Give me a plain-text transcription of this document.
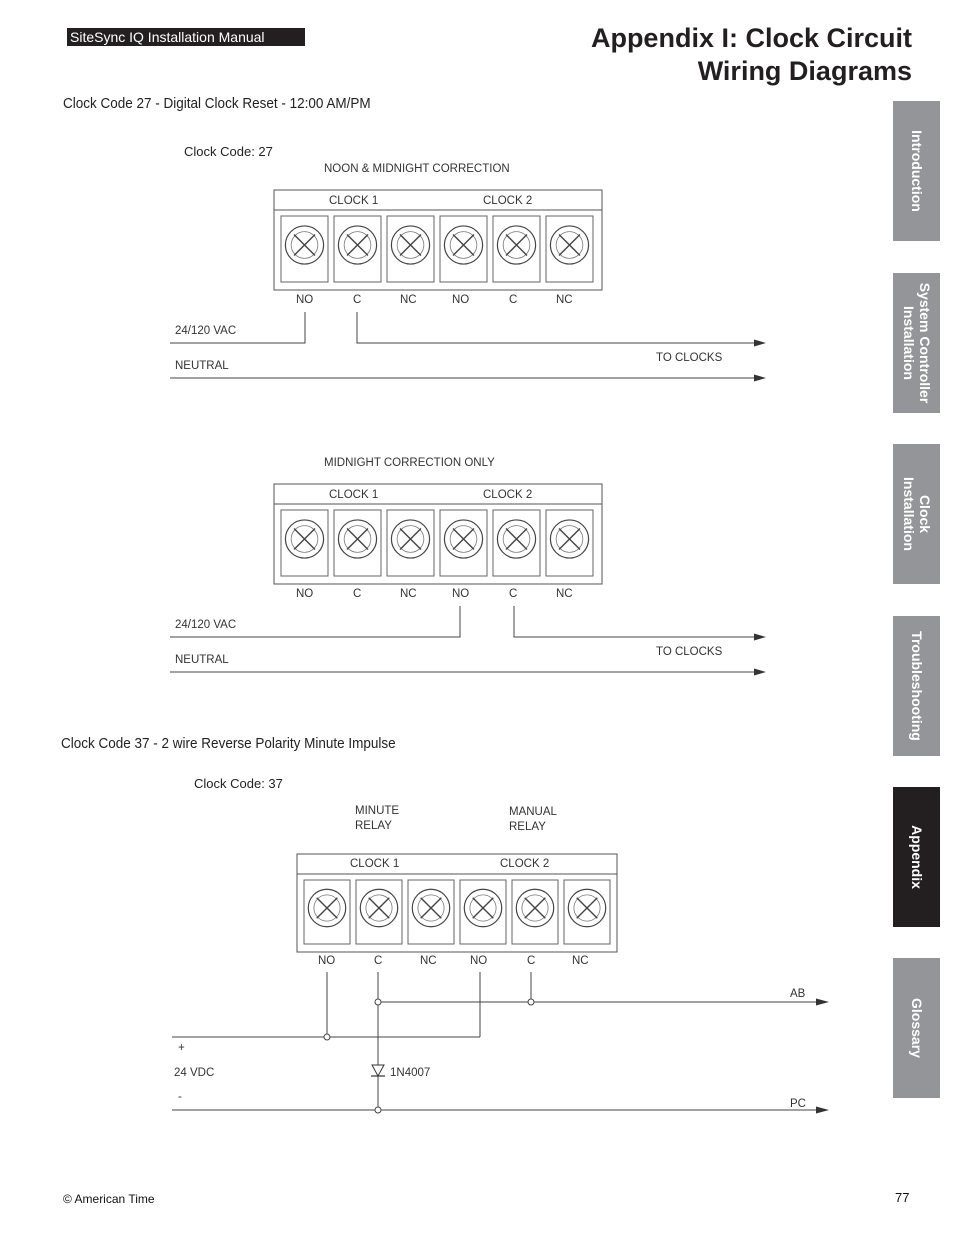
SiteSync IQ Installation Manual	Appendix I: Clock Circuit
Wiring Diagrams
Clock Code 27 - Digital Clock Reset - 12:00 AM/PM
Clock Code: 27
NOON & MIDNIGHT CORRECTION
CLOCK 1	CLOCK 2
NO	C	NC	NO	C	NC
24/120 VAC
TO CLOCKS
NEUTRAL
MIDNIGHT CORRECTION ONLY
CLOCK 1	CLOCK 2
NO	C	NC	NO	C	NC
24/120 VAC
TO CLOCKS
NEUTRAL
Clock Code 37 - 2 wire Reverse Polarity Minute Impulse
Clock Code: 37
MINUTE
RELAY
MANUAL
RELAY
CLOCK 1	CLOCK 2
NO	C	NC	NO	C	NC
1N4007
+
24 VDC
-
AB
PC
Introduction
System Controller
Installation
Clock
Installation
Troubleshooting
Appendix
Glossary
© American Time	77
